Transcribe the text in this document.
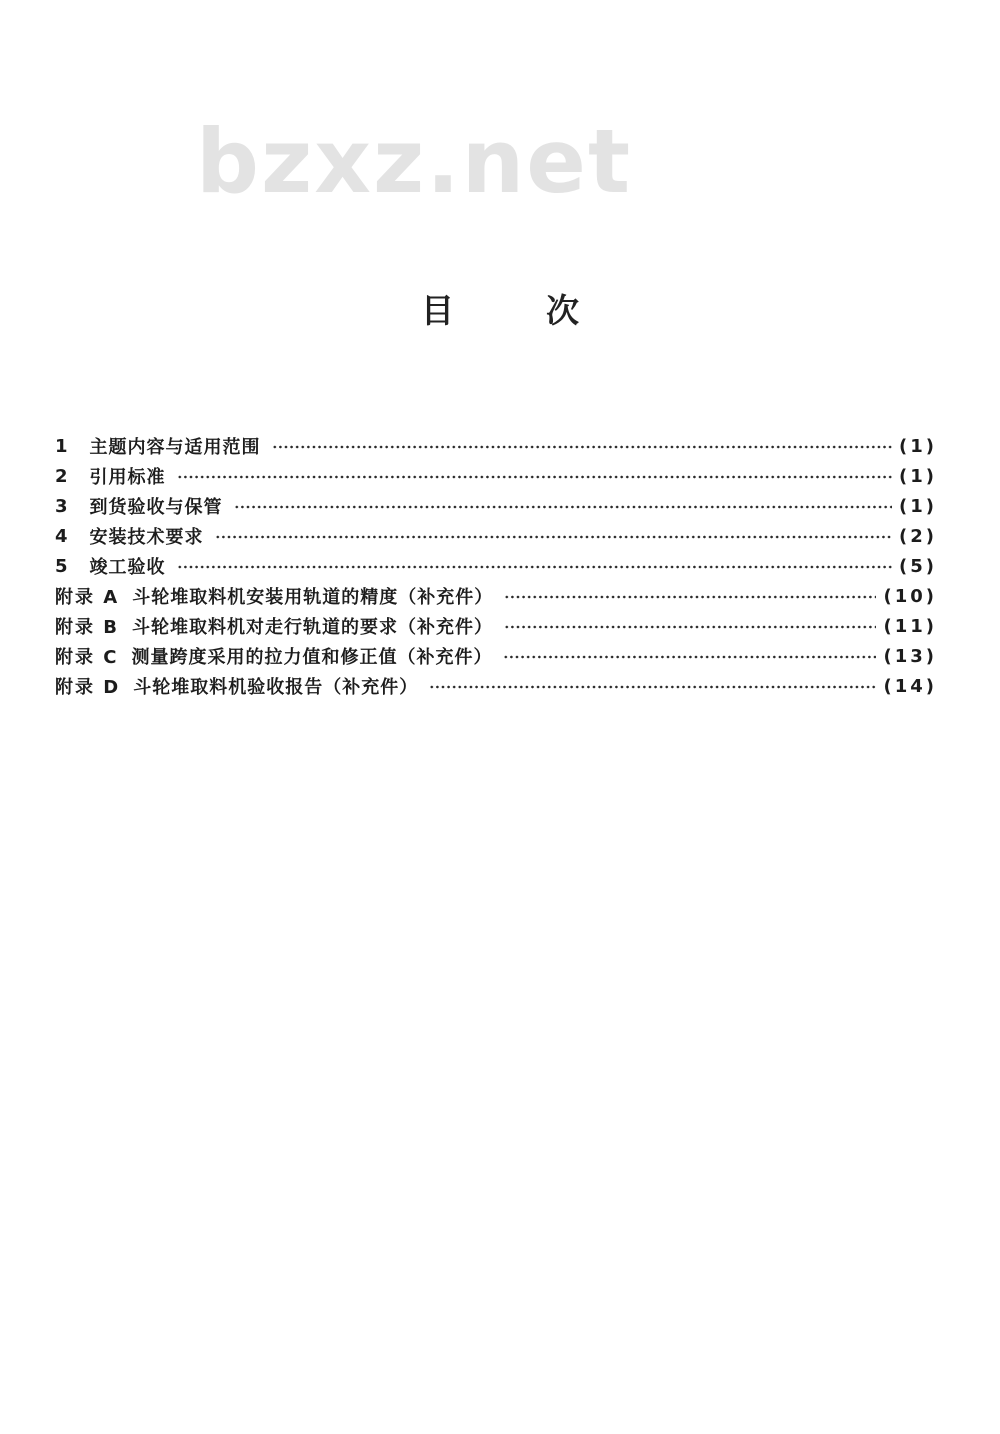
bzxz.net
目	次
1 主题内容与适用范围	(1)
2 引用标准	(1)
3 到货验收与保管	(1)
4 安装技术要求	(2)
5 竣工验收	(5)
附录 A 斗轮堆取料机安装用轨道的精度（补充件）	(10)
附录 B 斗轮堆取料机对走行轨道的要求（补充件）	(11)
附录 C 测量跨度采用的拉力值和修正值（补充件）	(13)
附录 D 斗轮堆取料机验收报告（补充件）	(14)
